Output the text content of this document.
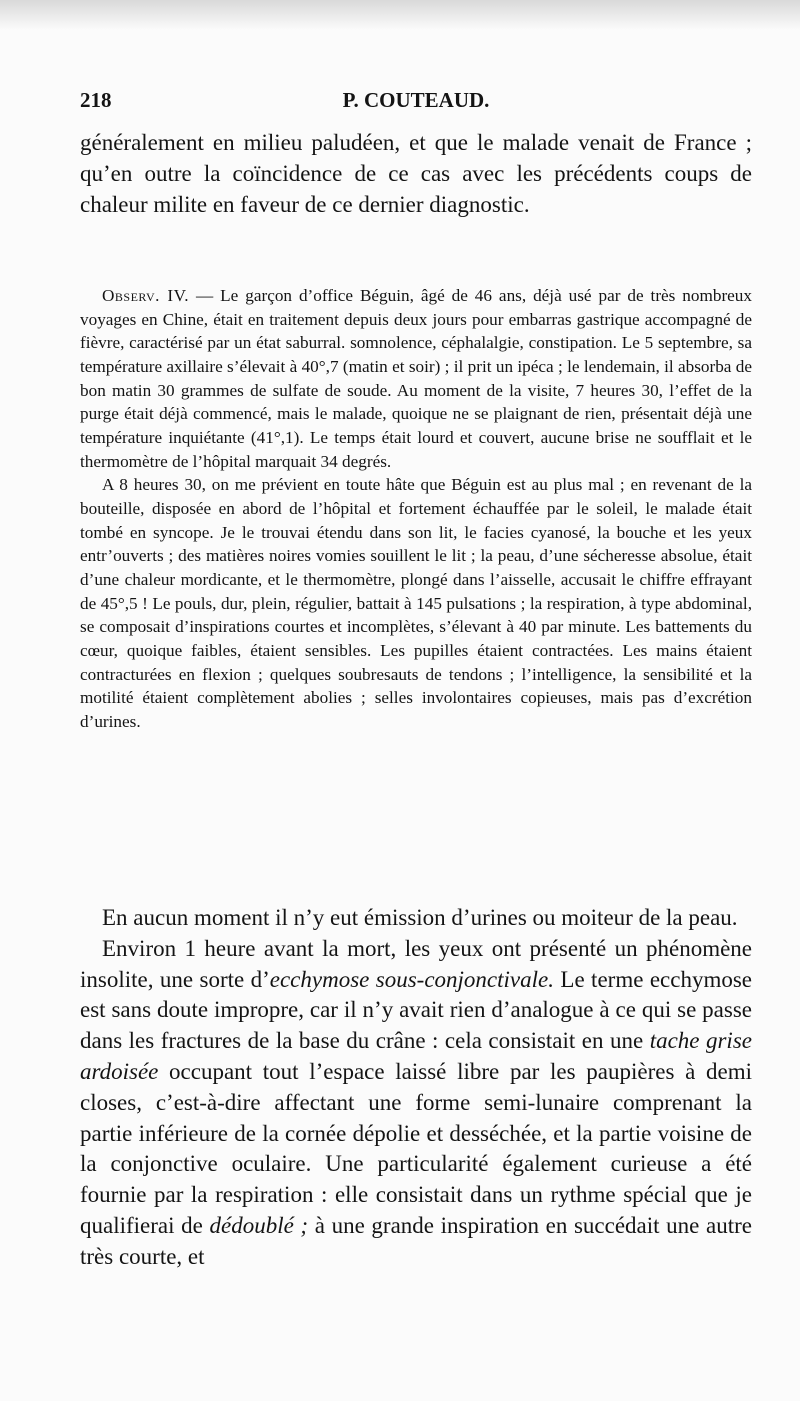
218	P. COUTEAUD.

généralement en milieu paludéen, et que le malade venait de France ; qu’en outre la coïncidence de ce cas avec les précédents coups de chaleur milite en faveur de ce dernier diagnostic.

Observ. IV. — Le garçon d’office Béguin, âgé de 46 ans, déjà usé par de très nombreux voyages en Chine, était en traitement depuis deux jours pour embarras gastrique accompagné de fièvre, caractérisé par un état saburral. somnolence, céphalalgie, constipation. Le 5 septembre, sa température axillaire s’élevait à 40°,7 (matin et soir) ; il prit un ipéca ; le lendemain, il absorba de bon matin 30 grammes de sulfate de soude. Au moment de la visite, 7 heures 30, l’effet de la purge était déjà commencé, mais le malade, quoique ne se plaignant de rien, présentait déjà une température inquiétante (41°,1). Le temps était lourd et couvert, aucune brise ne soufflait et le thermomètre de l’hôpital marquait 34 degrés.

A 8 heures 30, on me prévient en toute hâte que Béguin est au plus mal ; en revenant de la bouteille, disposée en abord de l’hôpital et fortement échauffée par le soleil, le malade était tombé en syncope. Je le trouvai étendu dans son lit, le facies cyanosé, la bouche et les yeux entr’ouverts ; des matières noires vomies souillent le lit ; la peau, d’une sécheresse absolue, était d’une chaleur mordicante, et le thermomètre, plongé dans l’aisselle, accusait le chiffre effrayant de 45°,5 ! Le pouls, dur, plein, régulier, battait à 145 pulsations ; la respiration, à type abdominal, se composait d’inspirations courtes et incomplètes, s’élevant à 40 par minute. Les battements du cœur, quoique faibles, étaient sensibles. Les pupilles étaient contractées. Les mains étaient contracturées en flexion ; quelques soubresauts de tendons ; l’intelligence, la sensibilité et la motilité étaient complètement abolies ; selles involontaires copieuses, mais pas d’excrétion d’urines.

En aucun moment il n’y eut émission d’urines ou moiteur de la peau.

Environ 1 heure avant la mort, les yeux ont présenté un phénomène insolite, une sorte d’ecchymose sous-conjonctivale. Le terme ecchymose est sans doute impropre, car il n’y avait rien d’analogue à ce qui se passe dans les fractures de la base du crâne : cela consistait en une tache grise ardoisée occupant tout l’espace laissé libre par les paupières à demi closes, c’est-à-dire affectant une forme semi-lunaire comprenant la partie inférieure de la cornée dépolie et desséchée, et la partie voisine de la conjonctive oculaire. Une particularité également curieuse a été fournie par la respiration : elle consistait dans un rythme spécial que je qualifierai de dédoublé ; à une grande inspiration en succédait une autre très courte, et
